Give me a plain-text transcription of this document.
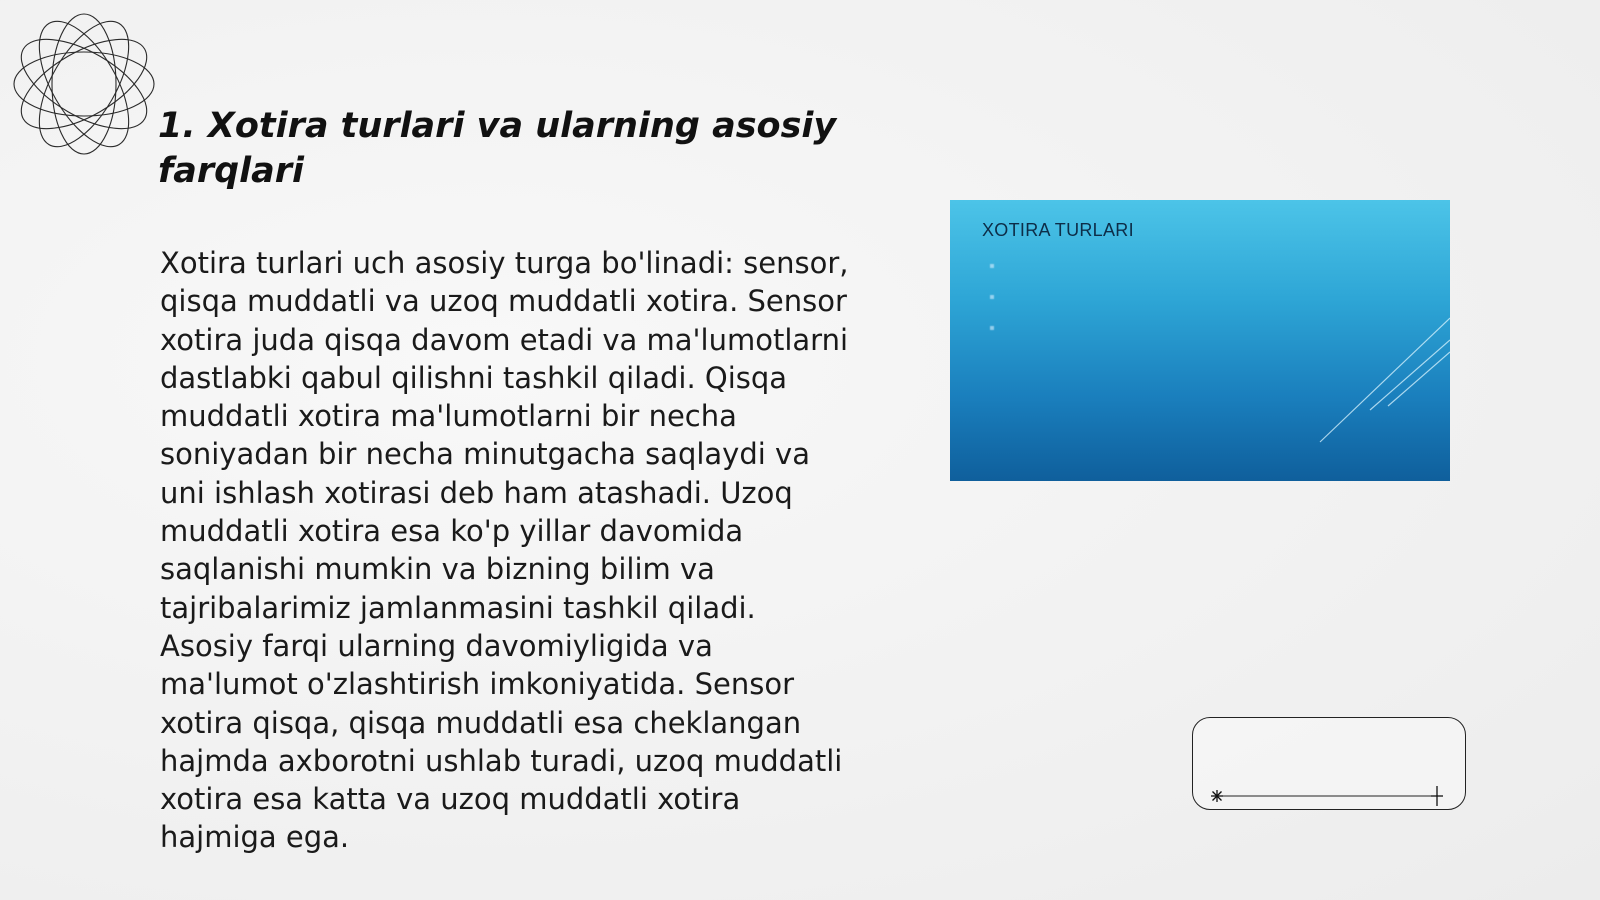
1. Xotira turlari va ularning asosiy farqlari

Xotira turlari uch asosiy turga bo'linadi: sensor, qisqa muddatli va uzoq muddatli xotira. Sensor xotira juda qisqa davom etadi va ma'lumotlarni dastlabki qabul qilishni tashkil qiladi. Qisqa muddatli xotira ma'lumotlarni bir necha soniyadan bir necha minutgacha saqlaydi va uni ishlash xotirasi deb ham atashadi. Uzoq muddatli xotira esa ko'p yillar davomida saqlanishi mumkin va bizning bilim va tajribalarimiz jamlanmasini tashkil qiladi. Asosiy farqi ularning davomiyligida va ma'lumot o'zlashtirish imkoniyatida. Sensor xotira qisqa, qisqa muddatli esa cheklangan hajmda axborotni ushlab turadi, uzoq muddatli xotira esa katta va uzoq muddatli xotira hajmiga ega.

XOTIRA TURLARI
